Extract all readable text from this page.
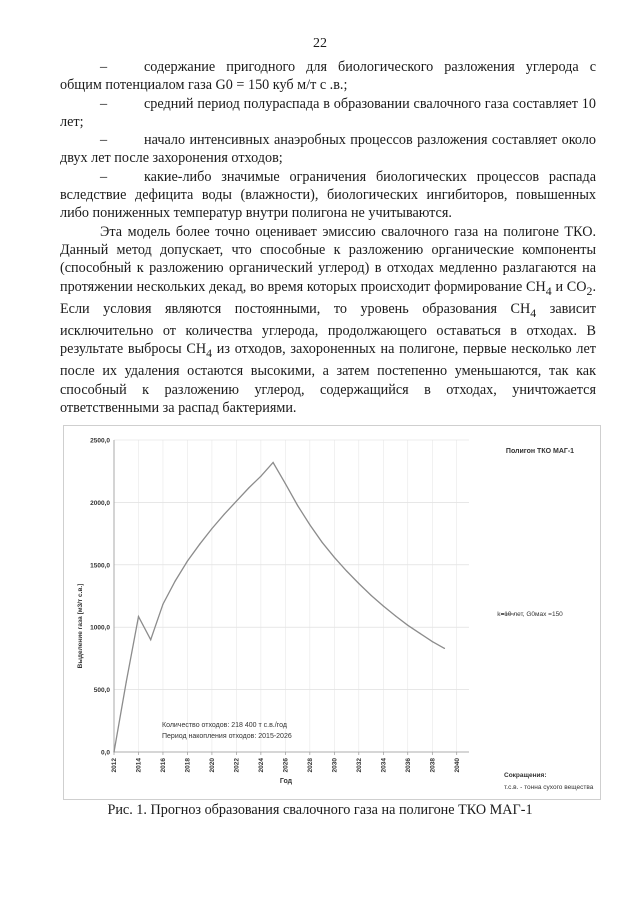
22

–	содержание пригодного для биологического разложения углерода с общим потенциалом газа G0 = 150 куб м/т с .в.;

–	средний период полураспада в образовании свалочного газа составляет 10 лет;

–	начало интенсивных анаэробных процессов разложения составляет около двух лет после захоронения отходов;

–	какие-либо значимые ограничения биологических процессов распада вследствие дефицита воды (влажности), биологических ингибиторов, повышенных либо пониженных температур внутри полигона не учитываются.

Эта модель более точно оценивает эмиссию свалочного газа на полигоне ТКО. Данный метод допускает, что способные к разложению органические компоненты (способный к разложению органический углерод) в отходах медленно разлагаются на протяжении нескольких декад, во время которых происходит формирование $CH_4$ и $CO_2$. Если условия являются постоянными, то уровень образования $CH_4$ зависит исключительно от количества углерода, продолжающего оставаться в отходах. В результате выбросы $CH_4$ из отходов, захороненных на полигоне, первые несколько лет после их удаления остаются высокими, а затем постепенно уменьшаются, так как способный к разложению углерод, содержащийся в отходах, уничтожается ответственными за распад бактериями.

0,0
500,0
1000,0
1500,0
2000,0
2500,0
2012	2014	2016	2018	2020	2022	2024	2026	2028	2030	2032	2034	2036	2038	2040
Полигон ТКО МАГ-1
Выделение газа [м3/т с.в.]
Год
k=10 лет, G0мах =150
Количество отходов: 218 400 т с.в./год
Период накопления отходов: 2015-2026
Сокращения:
т.с.в. - тонна сухого вещества

Рис. 1. Прогноз образования свалочного газа на полигоне ТКО МАГ-1
